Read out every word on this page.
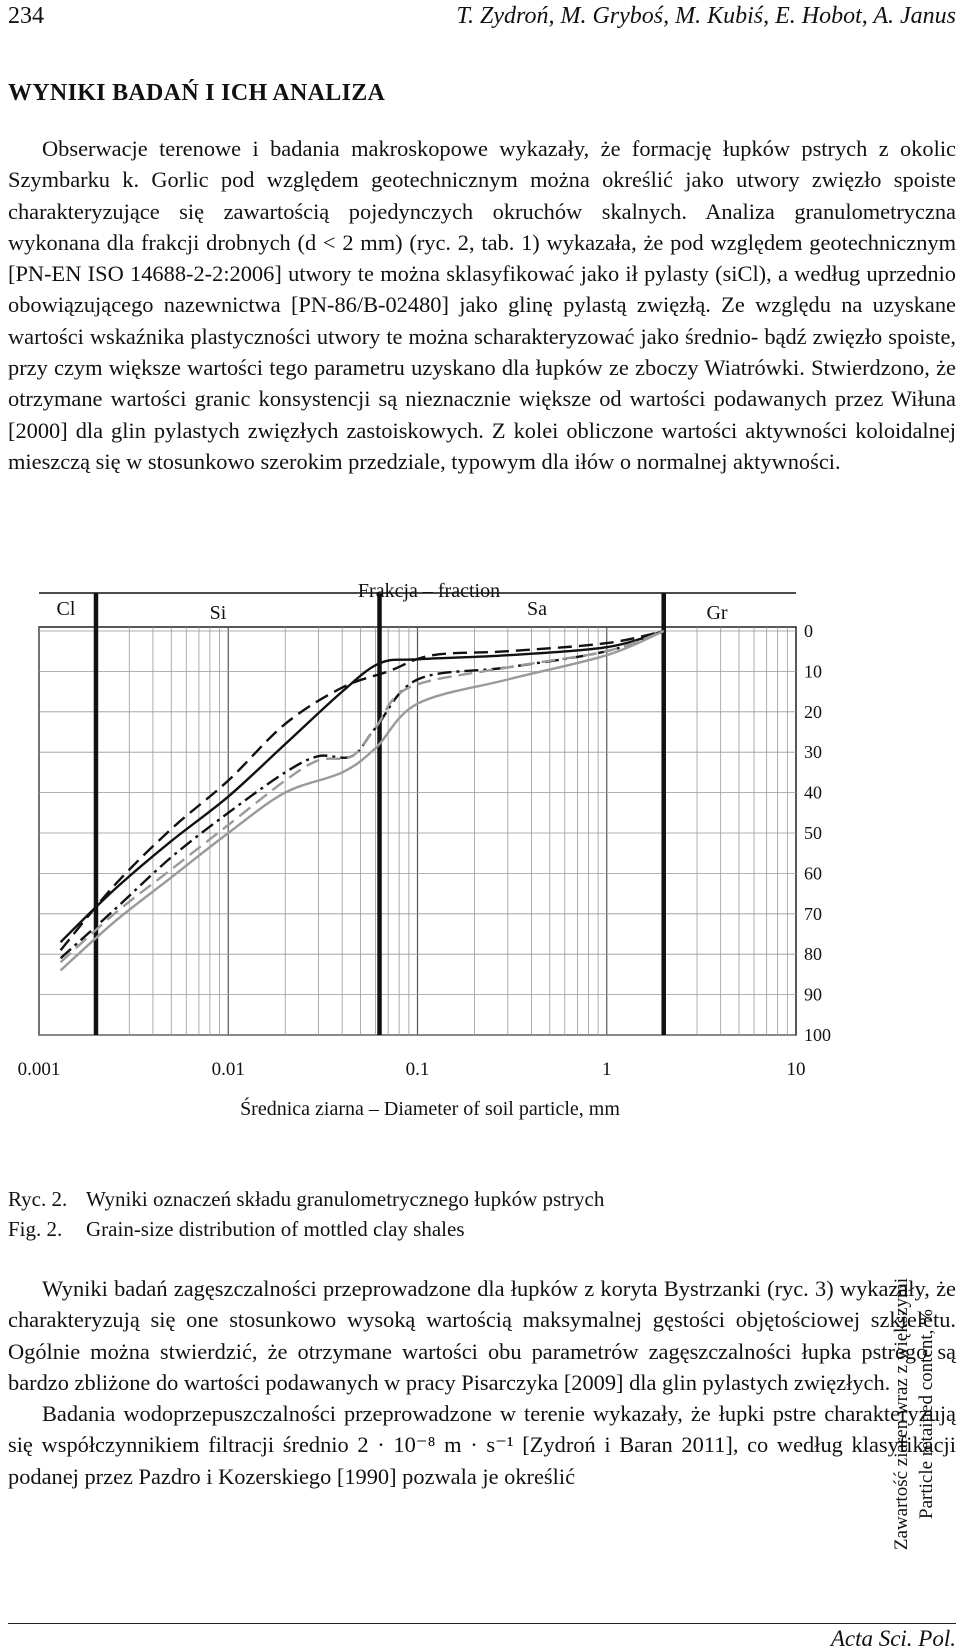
234	T. Zydroń, M. Gryboś, M. Kubiś, E. Hobot, A. Janus
WYNIKI BADAŃ I ICH ANALIZA

Obserwacje terenowe i badania makroskopowe wykazały, że formację łupków pstrych z okolic Szymbarku k. Gorlic pod względem geotechnicznym można określić jako utwory zwięzło spoiste charakteryzujące się zawartością pojedynczych okruchów skalnych. Analiza granulometryczna wykonana dla frakcji drobnych (d < 2 mm) (ryc. 2, tab. 1) wykazała, że pod względem geotechnicznym [PN-EN ISO 14688-2-2:2006] utwory te można sklasyfikować jako ił pylasty (siCl), a według uprzednio obowiązującego nazewnictwa [PN-86/B-02480] jako glinę pylastą zwięzłą. Ze względu na uzyskane wartości wskaźnika plastyczności utwory te można scharakteryzować jako średnio- bądź zwięzło spoiste, przy czym większe wartości tego parametru uzyskano dla łupków ze zboczy Wiatrówki. Stwierdzono, że otrzymane wartości granic konsystencji są nieznacznie większe od wartości podawanych przez Wiłuna [2000] dla glin pylastych zwięzłych zastoiskowych. Z kolei obliczone wartości aktywności koloidalnej mieszczą się w stosunkowo szerokim przedziale, typowym dla iłów o normalnej aktywności.

Cl	Si	Sa	Gr
0.001	0.01	0.1	1	10
0
10
20
30
40
50
60
70
80
90
100
Frakcja – fraction
Średnica ziarna – Diameter of soil particle, mm
Zawartość ziaren wraz z większymi Particle retained content, %
Ryc. 2. Wyniki oznaczeń składu granulometrycznego łupków pstrych
Fig. 2. Grain-size distribution of mottled clay shales

Wyniki badań zagęszczalności przeprowadzone dla łupków z koryta Bystrzanki (ryc. 3) wykazały, że charakteryzują się one stosunkowo wysoką wartością maksymalnej gęstości objętościowej szkieletu. Ogólnie można stwierdzić, że otrzymane wartości obu parametrów zagęszczalności łupka pstrego są bardzo zbliżone do wartości podawanych w pracy Pisarczyka [2009] dla glin pylastych zwięzłych.

Badania wodoprzepuszczalności przeprowadzone w terenie wykazały, że łupki pstre charakteryzują się współczynnikiem filtracji średnio 2 · 10⁻⁸ m · s⁻¹ [Zydroń i Baran 2011], co według klasyfikacji podanej przez Pazdro i Kozerskiego [1990] pozwala je określić

Acta Sci. Pol.
